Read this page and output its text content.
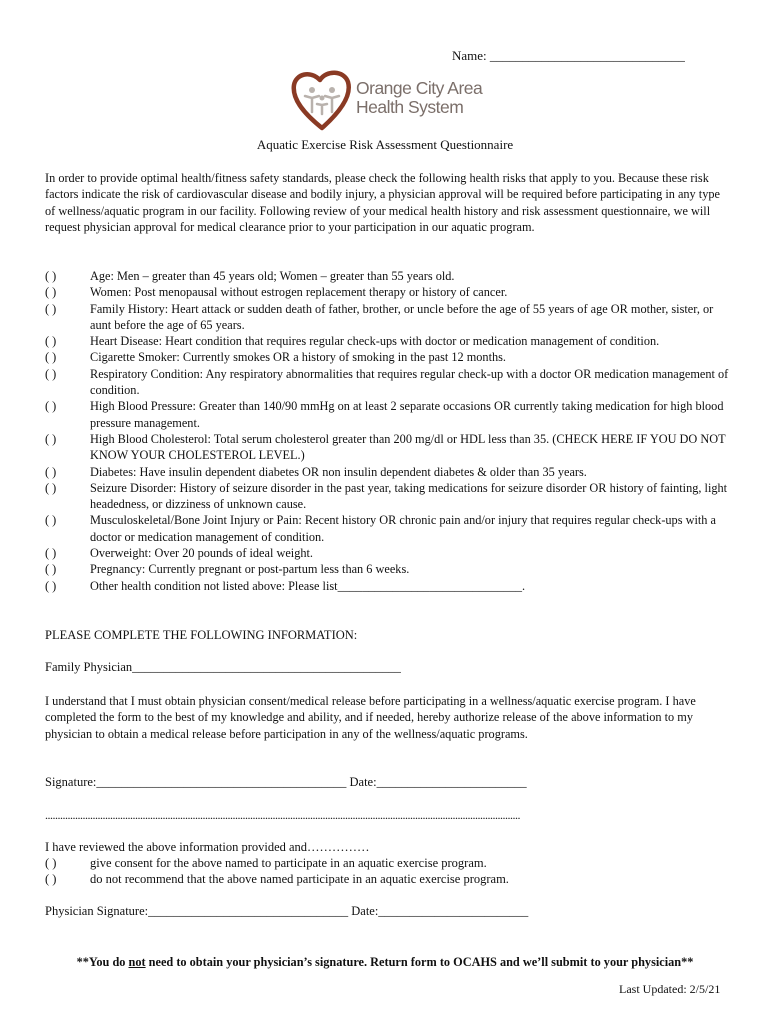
Name: ______________________________
Orange City Area
Health System
Aquatic Exercise Risk Assessment Questionnaire
In order to provide optimal health/fitness safety standards, please check the following health risks that apply to you. Because these risk factors indicate the risk of cardiovascular disease and bodily injury, a physician approval will be required before participating in any type of wellness/aquatic program in our facility. Following review of your medical health history and risk assessment questionnaire, we will request physician approval for medical clearance prior to your participation in our aquatic program.
( )	Age: Men – greater than 45 years old; Women – greater than 55 years old.
( )	Women: Post menopausal without estrogen replacement therapy or history of cancer.
( )	Family History: Heart attack or sudden death of father, brother, or uncle before the age of 55 years of age OR mother, sister, or aunt before the age of 65 years.
( )	Heart Disease: Heart condition that requires regular check-ups with doctor or medication management of condition.
( )	Cigarette Smoker: Currently smokes OR a history of smoking in the past 12 months.
( )	Respiratory Condition: Any respiratory abnormalities that requires regular check-up with a doctor OR medication management of condition.
( )	High Blood Pressure: Greater than 140/90 mmHg on at least 2 separate occasions OR currently taking medication for high blood pressure management.
( )	High Blood Cholesterol: Total serum cholesterol greater than 200 mg/dl or HDL less than 35. (CHECK HERE IF YOU DO NOT KNOW YOUR CHOLESTEROL LEVEL.)
( )	Diabetes: Have insulin dependent diabetes OR non insulin dependent diabetes & older than 35 years.
( )	Seizure Disorder: History of seizure disorder in the past year, taking medications for seizure disorder OR history of fainting, light headedness, or dizziness of unknown cause.
( )	Musculoskeletal/Bone Joint Injury or Pain: Recent history OR chronic pain and/or injury that requires regular check-ups with a doctor or medication management of condition.
( )	Overweight: Over 20 pounds of ideal weight.
( )	Pregnancy: Currently pregnant or post-partum less than 6 weeks.
( )	Other health condition not listed above: Please list______________________________.
PLEASE COMPLETE THE FOLLOWING INFORMATION:
Family Physician___________________________________________
I understand that I must obtain physician consent/medical release before participating in a wellness/aquatic exercise program. I have completed the form to the best of my knowledge and ability, and if needed, hereby authorize release of the above information to my physician to obtain a medical release before participation in any of the wellness/aquatic programs.
Signature:________________________________________ Date:________________________
..............................................................................................................................................................................................
I have reviewed the above information provided and……………
( )	give consent for the above named to participate in an aquatic exercise program.
( )	do not recommend that the above named participate in an aquatic exercise program.
Physician Signature:________________________________ Date:________________________
**You do not need to obtain your physician’s signature. Return form to OCAHS and we’ll submit to your physician**
Last Updated: 2/5/21
